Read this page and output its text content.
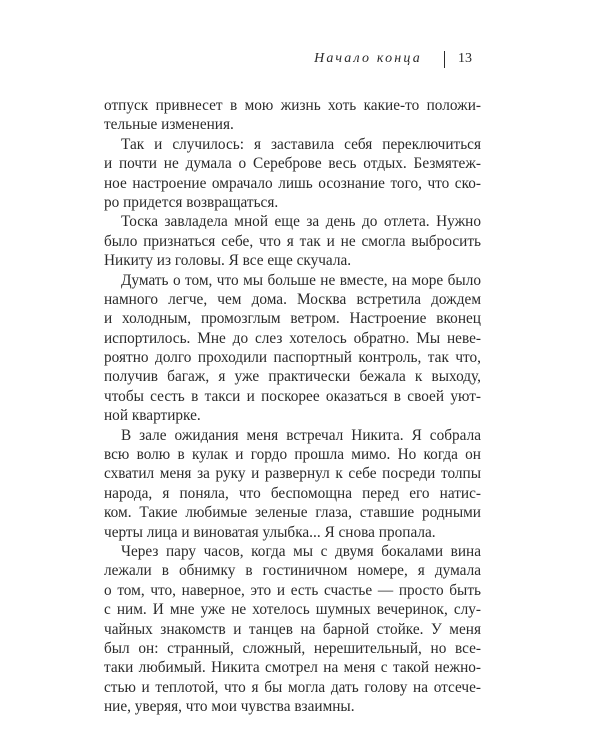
Начало конца	13

отпуск привнесет в мою жизнь хоть какие-то положи-
тельные изменения.

Так и случилось: я заставила себя переключиться
и почти не думала о Сереброве весь отдых. Безмятеж-
ное настроение омрачало лишь осознание того, что ско-
ро придется возвращаться.

Тоска завладела мной еще за день до отлета. Нужно
было признаться себе, что я так и не смогла выбросить
Никиту из головы. Я все еще скучала.

Думать о том, что мы больше не вместе, на море было
намного легче, чем дома. Москва встретила дождем
и холодным, промозглым ветром. Настроение вконец
испортилось. Мне до слез хотелось обратно. Мы неве-
роятно долго проходили паспортный контроль, так что,
получив багаж, я уже практически бежала к выходу,
чтобы сесть в такси и поскорее оказаться в своей уют-
ной квартирке.

В зале ожидания меня встречал Никита. Я собрала
всю волю в кулак и гордо прошла мимо. Но когда он
схватил меня за руку и развернул к себе посреди толпы
народа, я поняла, что беспомощна перед его натис-
ком. Такие любимые зеленые глаза, ставшие родными
черты лица и виноватая улыбка... Я снова пропала.

Через пару часов, когда мы с двумя бокалами вина
лежали в обнимку в гостиничном номере, я думала
о том, что, наверное, это и есть счастье — просто быть
с ним. И мне уже не хотелось шумных вечеринок, слу-
чайных знакомств и танцев на барной стойке. У меня
был он: странный, сложный, нерешительный, но все-
таки любимый. Никита смотрел на меня с такой нежно-
стью и теплотой, что я бы могла дать голову на отсече-
ние, уверяя, что мои чувства взаимны.
